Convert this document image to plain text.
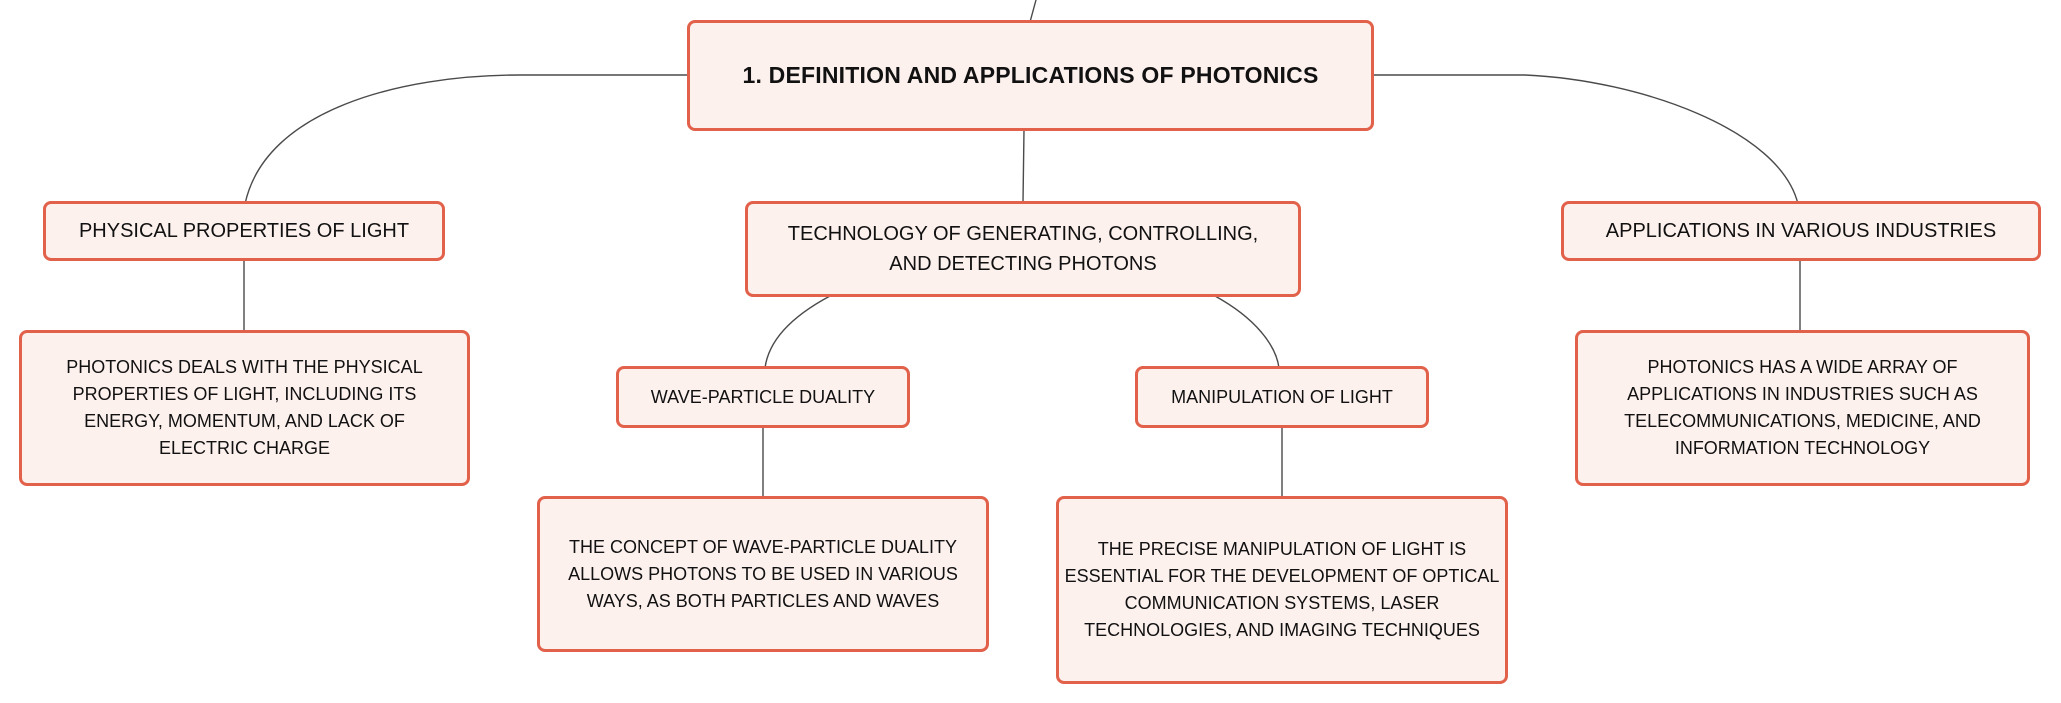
1. DEFINITION AND APPLICATIONS OF PHOTONICS
PHYSICAL PROPERTIES OF LIGHT	TECHNOLOGY OF GENERATING, CONTROLLING, AND DETECTING PHOTONS
APPLICATIONS IN VARIOUS INDUSTRIES
PHOTONICS DEALS WITH THE PHYSICAL PROPERTIES OF LIGHT, INCLUDING ITS ENERGY, MOMENTUM, AND LACK OF ELECTRIC CHARGE
WAVE-PARTICLE DUALITY	MANIPULATION OF LIGHT
PHOTONICS HAS A WIDE ARRAY OF APPLICATIONS IN INDUSTRIES SUCH AS TELECOMMUNICATIONS, MEDICINE, AND INFORMATION TECHNOLOGY
THE CONCEPT OF WAVE-PARTICLE DUALITY ALLOWS PHOTONS TO BE USED IN VARIOUS WAYS, AS BOTH PARTICLES AND WAVES
THE PRECISE MANIPULATION OF LIGHT IS ESSENTIAL FOR THE DEVELOPMENT OF OPTICAL COMMUNICATION SYSTEMS, LASER TECHNOLOGIES, AND IMAGING TECHNIQUES
